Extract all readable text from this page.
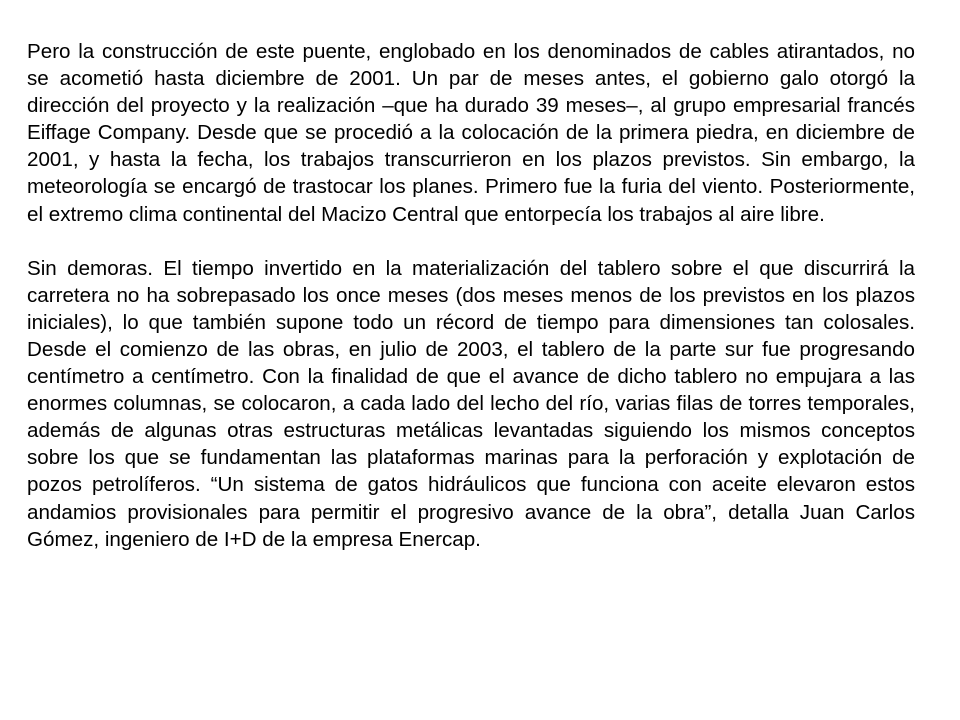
Pero la construcción de este puente, englobado en los denominados de cables atirantados, no se acometió hasta diciembre de 2001. Un par de meses antes, el gobierno galo otorgó la dirección del proyecto y la realización –que ha durado 39 meses–, al grupo empresarial francés Eiffage Company. Desde que se procedió a la colocación de la primera piedra, en diciembre de 2001, y hasta la fecha, los trabajos transcurrieron en los plazos previstos. Sin embargo, la meteorología se encargó de trastocar los planes. Primero fue la furia del viento. Posteriormente, el extremo clima continental del Macizo Central que entorpecía los trabajos al aire libre.

Sin demoras. El tiempo invertido en la materialización del tablero sobre el que discurrirá la carretera no ha sobrepasado los once meses (dos meses menos de los previstos en los plazos iniciales), lo que también supone todo un récord de tiempo para dimensiones tan colosales. Desde el comienzo de las obras, en julio de 2003, el tablero de la parte sur fue progresando centímetro a centímetro. Con la finalidad de que el avance de dicho tablero no empujara a las enormes columnas, se colocaron, a cada lado del lecho del río, varias filas de torres temporales, además de algunas otras estructuras metálicas levantadas siguiendo los mismos conceptos sobre los que se fundamentan las plataformas marinas para la perforación y explotación de pozos petrolíferos. “Un sistema de gatos hidráulicos que funciona con aceite elevaron estos andamios provisionales para permitir el progresivo avance de la obra”, detalla Juan Carlos Gómez, ingeniero de I+D de la empresa Enercap.
